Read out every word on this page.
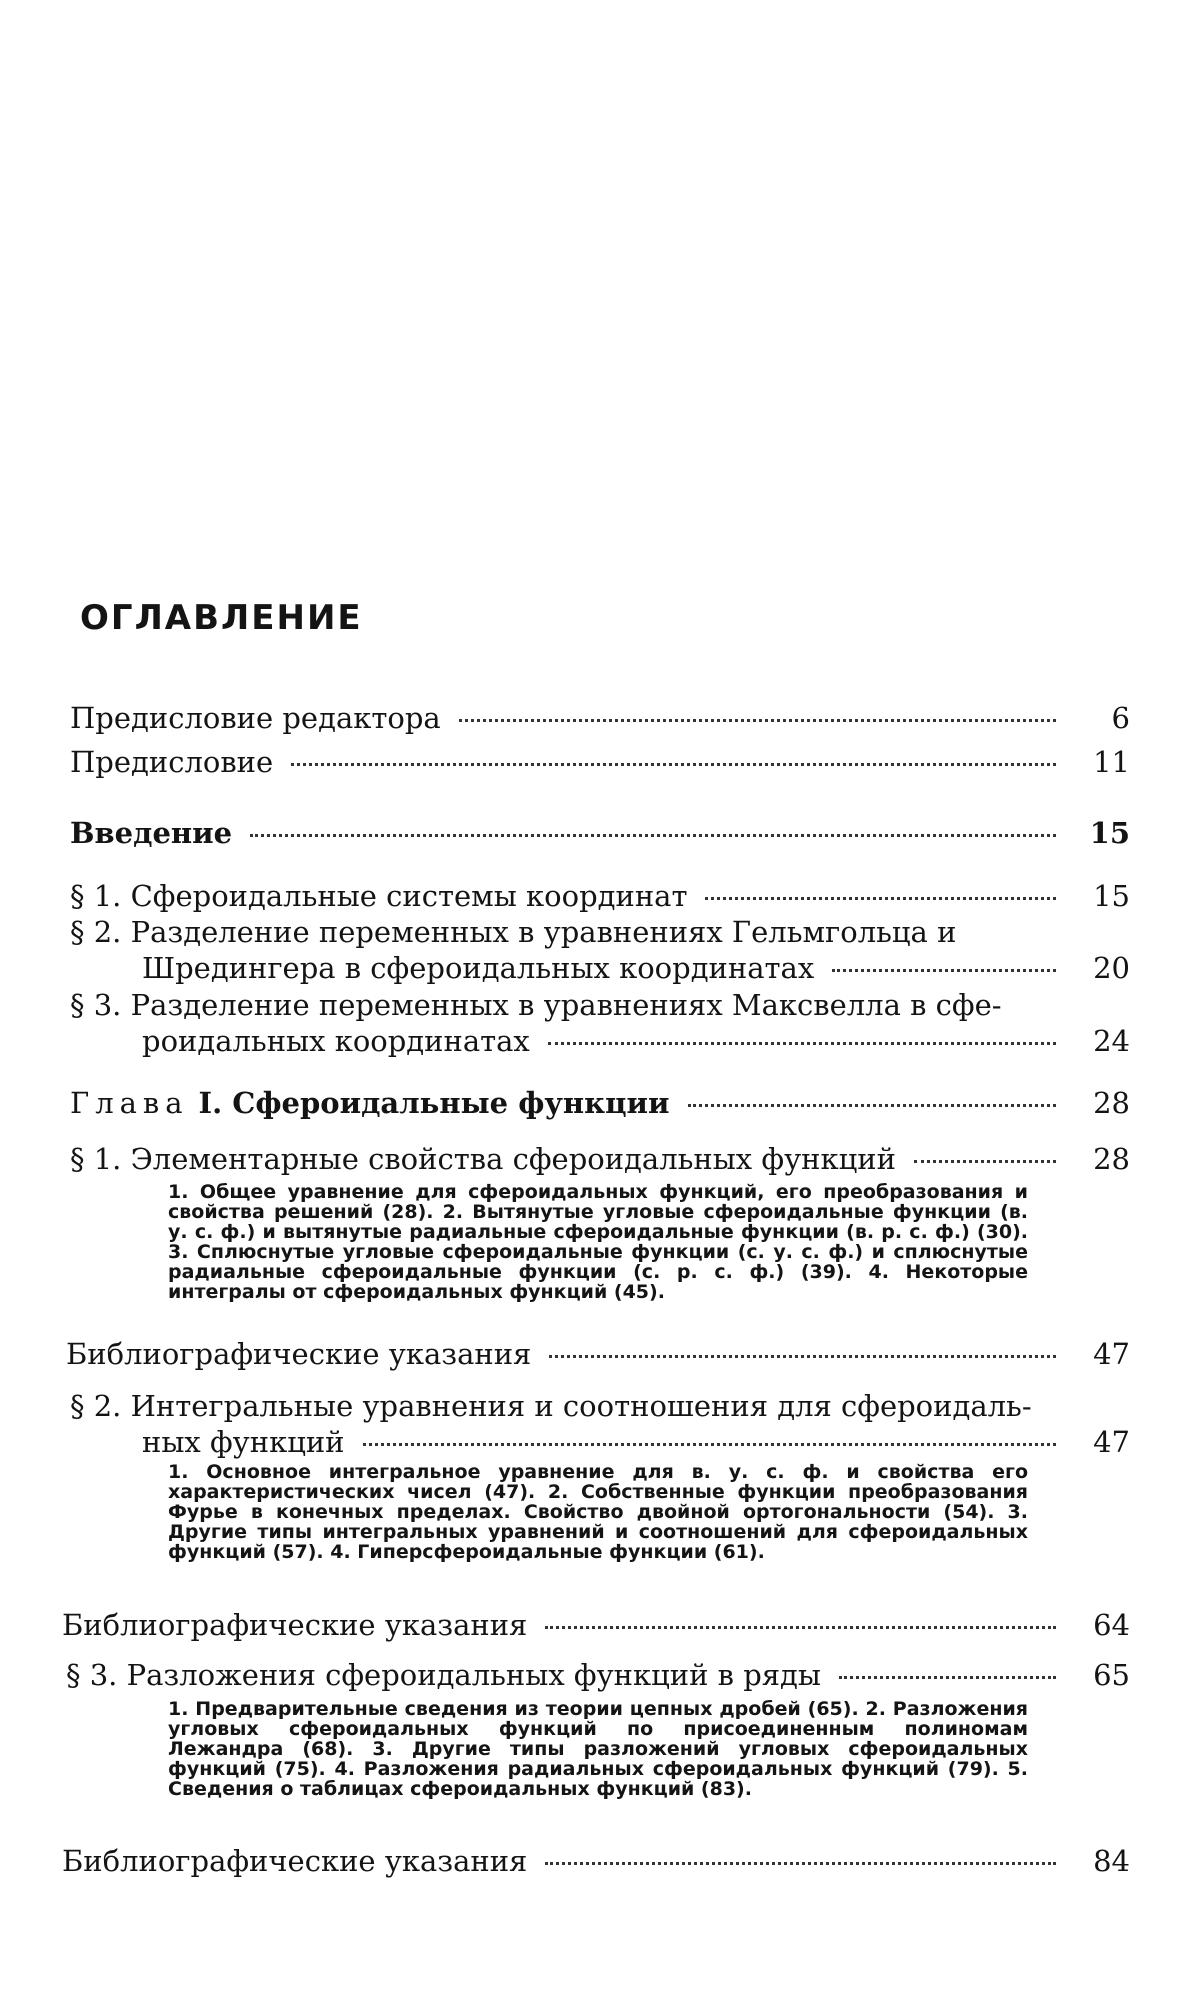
ОГЛАВЛЕНИЕ
Предисловие редактора	6
Предисловие	11
Введение	15
§ 1. Сфероидальные системы координат	15
§ 2. Разделение переменных в уравнениях Гельмгольца и
Шредингера в сфероидальных координатах	20
§ 3. Разделение переменных в уравнениях Максвелла в сфе-
роидальных координатах	24
Глава I. Сфероидальные функции	28
§ 1. Элементарные свойства сфероидальных функций	28
1. Общее уравнение для сфероидальных функций, его преобразования и свойства решений (28). 2. Вытянутые угловые сфероидальные функции (в. у. с. ф.) и вытянутые радиальные сфероидальные функции (в. р. с. ф.) (30). 3. Сплюснутые угловые сфероидальные функции (с. у. с. ф.) и сплюснутые радиальные сфероидальные функции (с. р. с. ф.) (39). 4. Некоторые интегралы от сфероидальных функций (45).
Библиографические указания	47
§ 2. Интегральные уравнения и соотношения для сфероидаль-
ных функций	47
1. Основное интегральное уравнение для в. у. с. ф. и свойства его характеристических чисел (47). 2. Собственные функции преобразования Фурье в конечных пределах. Свойство двойной ортогональности (54). 3. Другие типы интегральных уравнений и соотношений для сфероидальных функций (57). 4. Гиперсфероидальные функции (61).
Библиографические указания	64
§ 3. Разложения сфероидальных функций в ряды	65
1. Предварительные сведения из теории цепных дробей (65). 2. Разложения угловых сфероидальных функций по присоединенным полиномам Лежандра (68). 3. Другие типы разложений угловых сфероидальных функций (75). 4. Разложения радиальных сфероидальных функций (79). 5. Сведения о таблицах сфероидальных функций (83).
Библиографические указания	84
